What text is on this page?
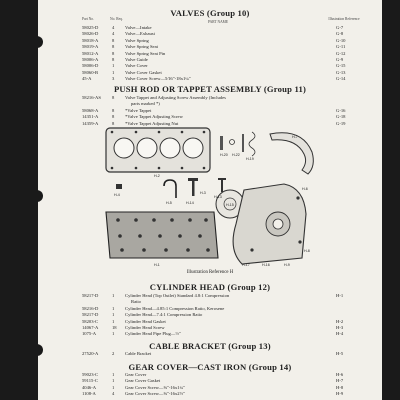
VALVES (Group 10)
Part No.	No. Req.
PART NAME
Illustration Reference
58025-D	4 Valve—Intake	G-7
58026-D	4 Valve—Exhaust	G-8
58018-A	8 Valve Spring	G-10
58019-A	8 Valve Spring Seat	G-11
58012-A	8 Valve Spring Seat Pin	G-12
58006-A	8 Valve Guide	G-9
58006-D	1 Valve Cover	G-15
58060-B	1 Valve Cover Gasket	G-13
45-A	3 Valve Cover Screw—5⁄16"-18x1¼"	G-14
PUSH ROD OR TAPPET ASSEMBLY (Group 11)
58216-AS 8 Valve Tappet and Adjusting Screw Assembly (Includes
parts marked *)
58068-A	8 *Valve Tappet	G-16
14351-A	8 *Valve Tappet Adjusting Screw	G-18
14359-A	8 *Valve Tappet Adjusting Nut	G-19
H-2
H-20 H-22
H-19
H-7
H-5
H-4
H-14
H-13
H-15
H-3
H-6
H-1	H-17	H-16	H-9
H-8
Illustration Reference H
CYLINDER HEAD (Group 12)
58217-D	1 Cylinder Head (Top Outlet) Standard 4.8:1 Compression	H-1
Ratio
58216-D	1 Cylinder Head—4.85:1 Compression Ratio, Kerosene
58217-D	1 Cylinder Head—7.4:1 Compression Ratio
58203-C	1 Cylinder Head Gasket	H-2
14067-A	18 Cylinder Head Screw	H-3
1075-A	1 Cylinder Head Pipe Plug—½"	H-4
CABLE BRACKET (Group 13)
27520-A	2 Cable Bracket	H-5
GEAR COVER—CAST IRON (Group 14)
59023-C	1 Gear Cover	H-6
59115-C	1 Gear Cover Gasket	H-7
4046-A	1 Gear Cover Screw—⅜"-16x1¼"	H-8
1108-A	4 Gear Cover Screw—⅜"-16x2½"	H-9
